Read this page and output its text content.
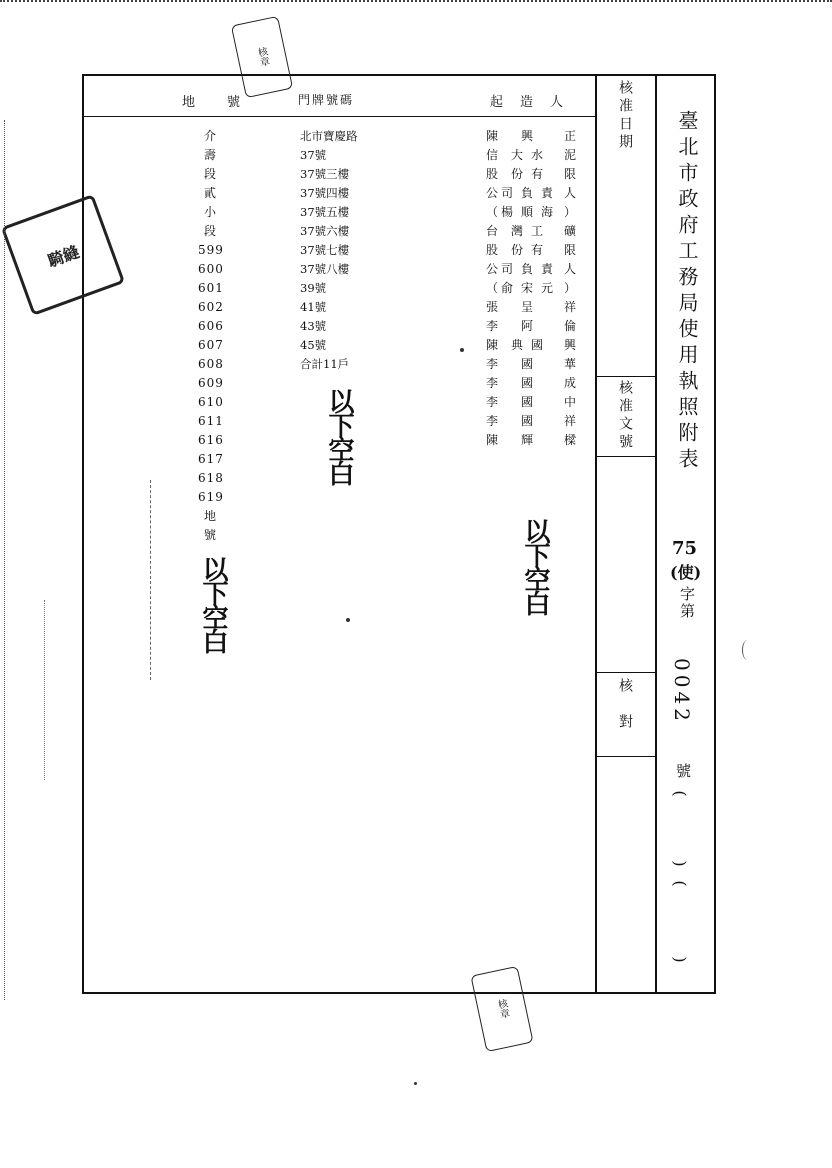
地　　號	門牌號碼	起　造　人
介
壽
段
貳
小
段
599
600
601
602
606
607
608
609
610
611
616
617
618
619
地
號
北市寶慶路
37號
37號三樓
37號四樓
37號五樓
37號六樓
37號七樓
37號八樓
39號
41號
43號
45號
合計11戶
陳 興 正
信 大水 泥
股 份有 限
公 司負責 人
（ 楊順海 ）
台 灣工 礦
股 份有 限
公 司負責 人
（ 俞宋元 ）
張 呈 祥
李 阿 倫
陳 典國 興
李 國 華
李 國 成
李 國 中
李 國 祥
陳 輝 樑
以下空白
以下空白
以下空白
核准日期
核准文號
核對
臺北市政府工務局使用執照附表
75
(使)
字第
0042
號
(
)
(
)
核章
核章
騎縫
